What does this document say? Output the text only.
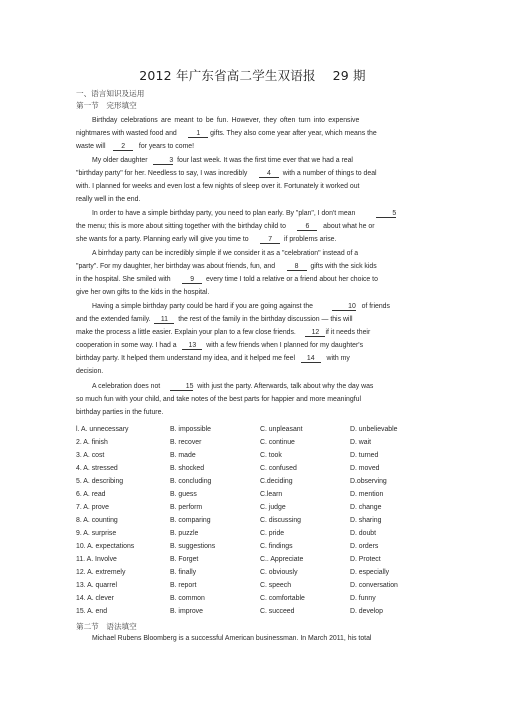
2012 年广东省高二学生双语报　 29 期
一、语言知识及运用
第一节　完形填空
Birthday celebrations are meant to be fun. However, they often turn into expensive
nightmares with wasted food and	1 gifts. They also come year after year, which means the
waste will 2 for years to come!
My older daughter	3 four last week. It was the first time ever that we had a real
"birthday party" for her. Needless to say, I was incredibly	4 with a number of things to deal
with. I planned for weeks and even lost a few nights of sleep over it. Fortunately it worked out
really well in the end.
In order to have a simple birthday party, you need to plan early. By "plan", I don't mean	5
the menu; this is more about sitting together with the birthday child to	6 about what he or
she wants for a party. Planning early will give you time to	7 if problems arise.
A birrhday party can be incredibly simple if we consider it as a "celebration" instead of a
"party". For my daughter, her birthday was about friends, fun, and	8 gifts with the sick kids
in the hospital. She smiled with	9 every time I told a relative or a friend about her choice to
give her own gifts to the kids in the hospital.
Having a simple birthday party could be hard if you are going against the	10 of friends
and the extended family. 11 the rest of the family in the birthday discussion — this will
make the process a little easier. Explain your plan to a few close friends. 12 if it needs their
cooperation in some way. I had a 13 with a few friends when I planned for my daughter's
birthday party. It helped them understand my idea, and it helped me feel 14 with my
decision.
A celebration does not	15 with just the party. Afterwards, talk about why the day was
so much fun with your child, and take notes of the best parts for happier and more meaningful
birthday parties in the future.
l. A. unnecessary	B. impossible	C. unpleasant	D. unbelievable
2. A. finish	B. recover	C. continue	D. wait
3. A. cost	B. made	C. took	D. turned
4. A. stressed	B. shocked	C. confused	D. moved
5. A. describing	B. concluding	C.deciding	D.observing
6. A. read	B. guess	C.learn	D. mention
7. A. prove	B. perform	C. judge	D. change
8. A. counting	B. comparing	C. discussing	D. sharing
9. A. surprise	B. puzzle	C. pride	D. doubt
10. A. expectations	B. suggestions	C. findings	D. orders
11. A. Involve	B. Forget	C.. Appreciate	D. Protect
12. A. extremely	B. finally	C. obviously	D. especially
13. A. quarrel	B. report	C. speech	D. conversation
14. A. clever	B. common	C. comfortable	D. funny
15. A. end	B. improve	C. succeed	D. develop
第二节　语法填空
Michael Rubens Bloomberg is a successful American businessman. In March 2011, his total
